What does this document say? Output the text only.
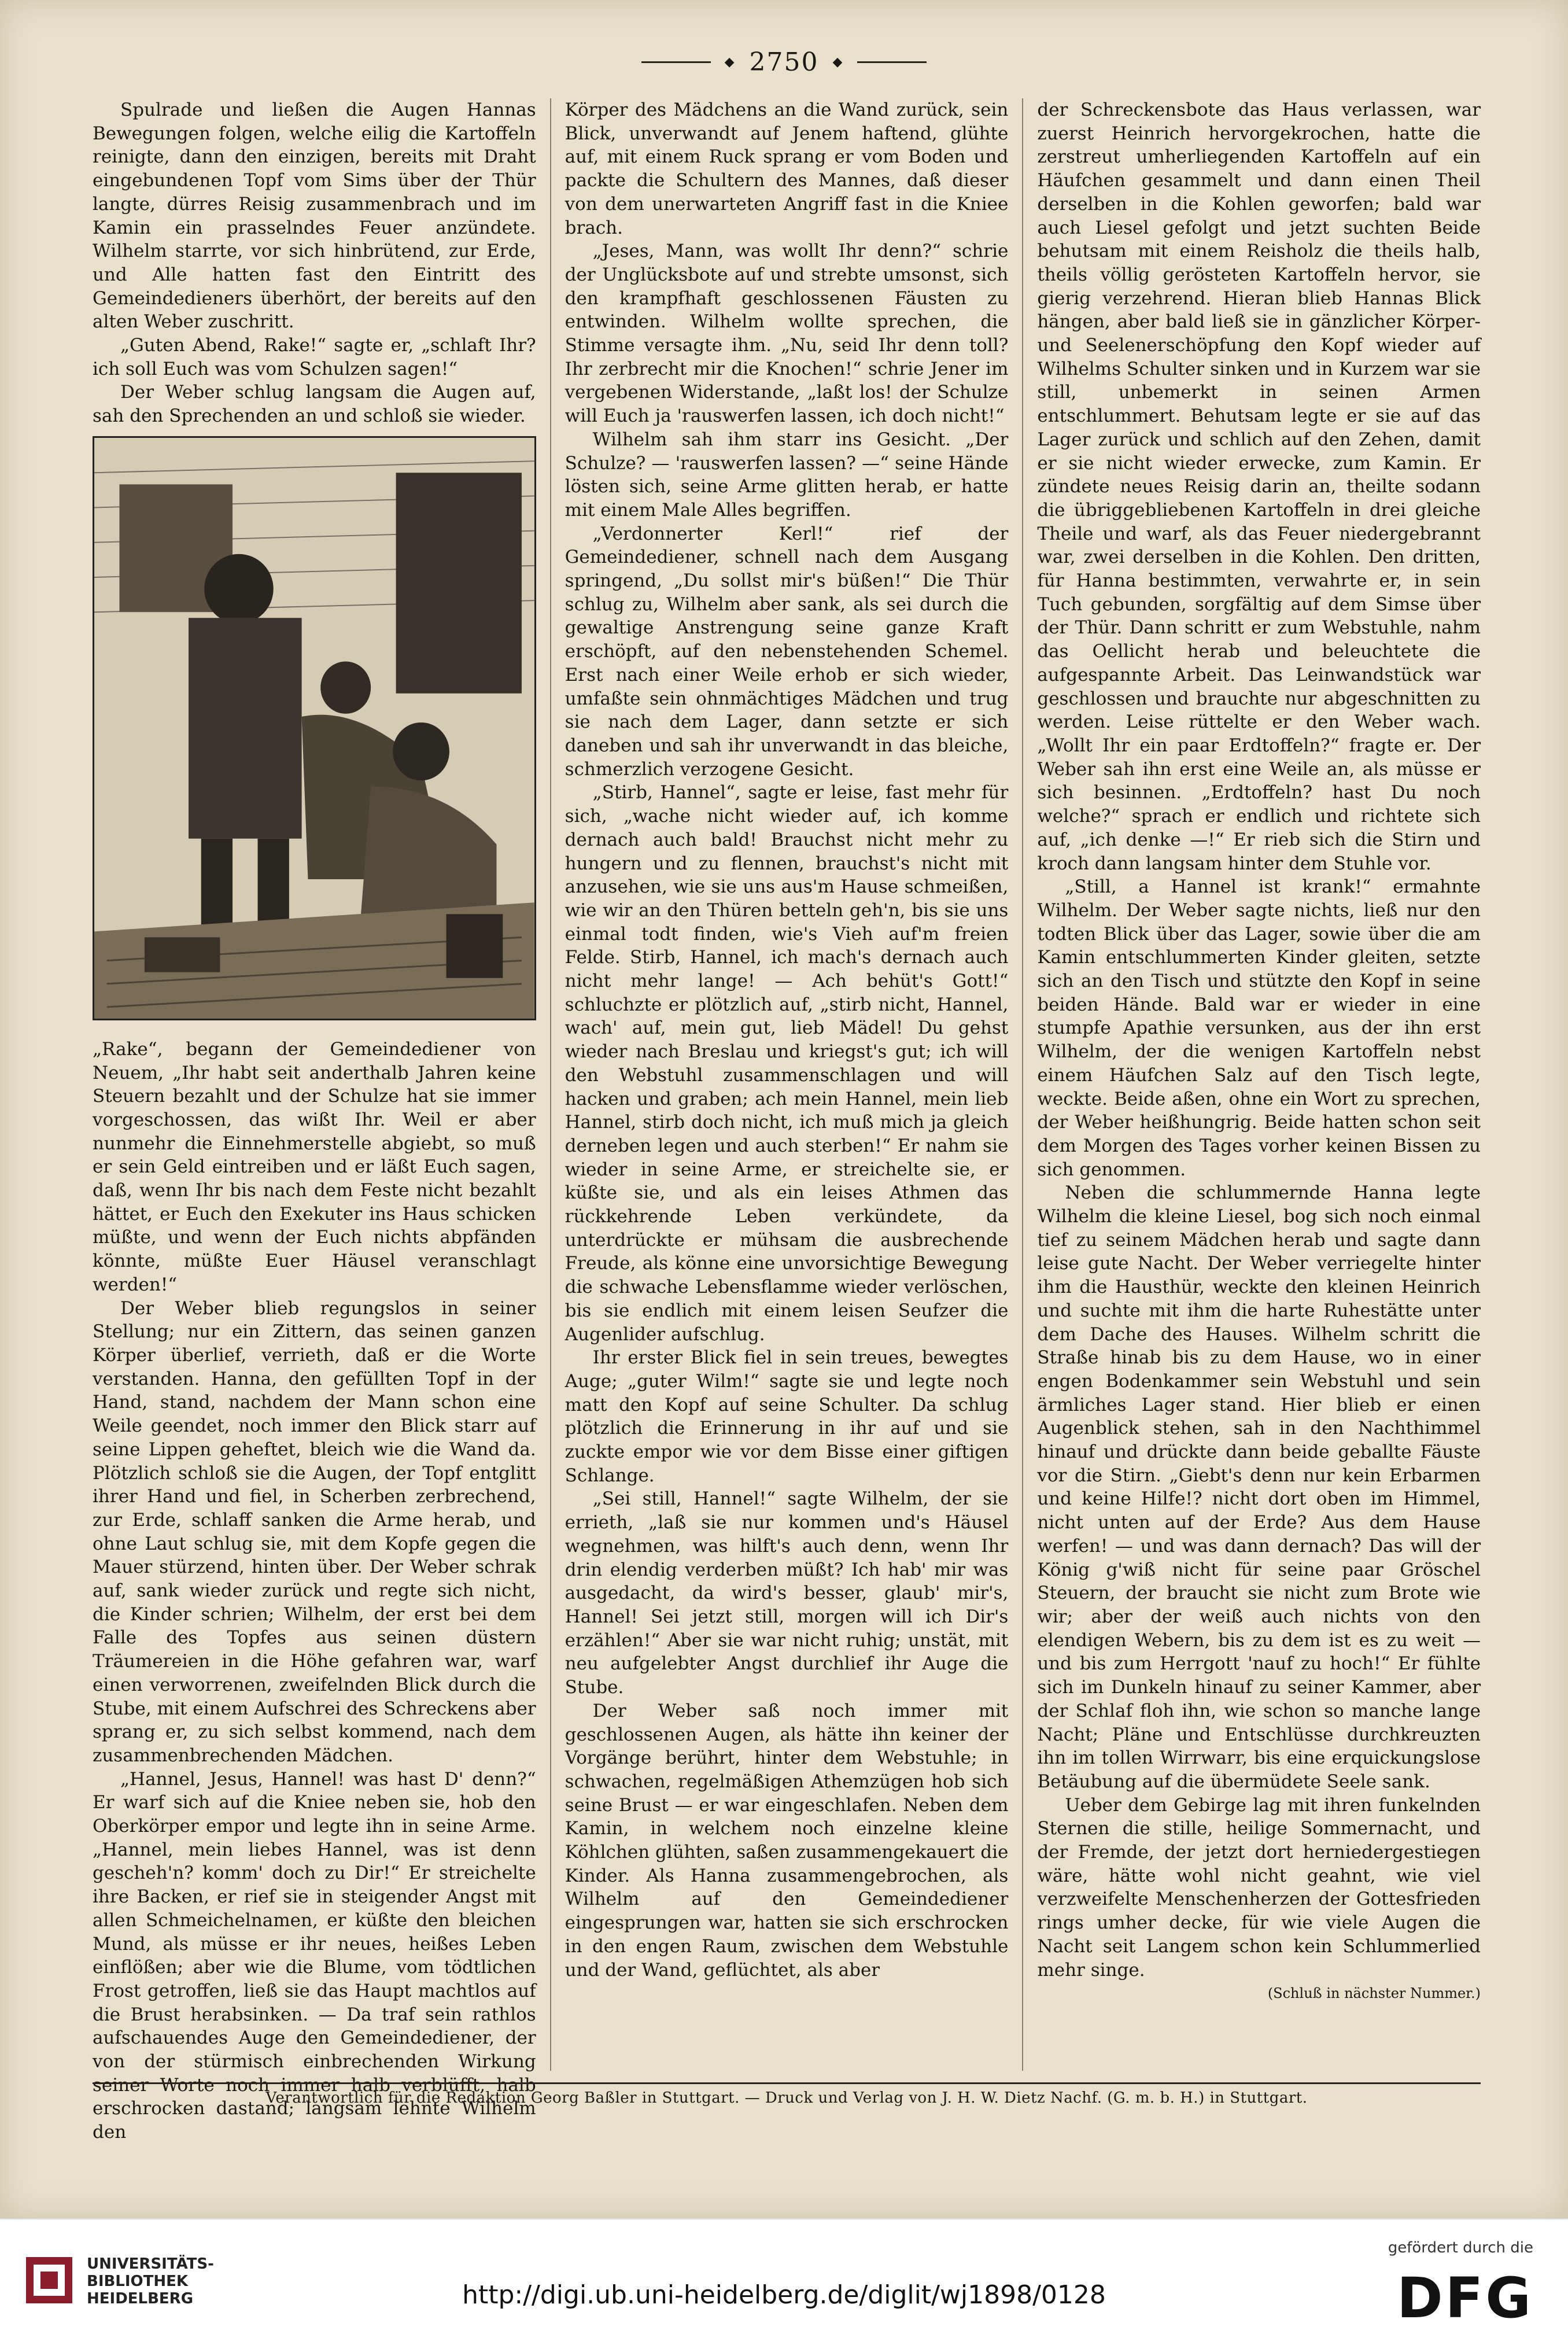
◆ 2750 ◆

Spulrade und ließen die Augen Hannas Bewegungen folgen, welche eilig die Kartoffeln reinigte, dann den einzigen, bereits mit Draht eingebundenen Topf vom Sims über der Thür langte, dürres Reisig zusammenbrach und im Kamin ein prasselndes Feuer anzündete. Wilhelm starrte, vor sich hinbrütend, zur Erde, und Alle hatten fast den Eintritt des Gemeindedieners überhört, der bereits auf den alten Weber zuschritt.

„Guten Abend, Rake!“ sagte er, „schlaft Ihr? ich soll Euch was vom Schulzen sagen!“

Der Weber schlug langsam die Augen auf, sah den Sprechenden an und schloß sie wieder.

„Rake“, begann der Gemeindediener von Neuem, „Ihr habt seit anderthalb Jahren keine Steuern bezahlt und der Schulze hat sie immer vorgeschossen, das wißt Ihr. Weil er aber nunmehr die Einnehmerstelle abgiebt, so muß er sein Geld eintreiben und er läßt Euch sagen, daß, wenn Ihr bis nach dem Feste nicht bezahlt hättet, er Euch den Exekuter ins Haus schicken müßte, und wenn der Euch nichts abpfänden könnte, müßte Euer Häusel veranschlagt werden!“

Der Weber blieb regungslos in seiner Stellung; nur ein Zittern, das seinen ganzen Körper überlief, verrieth, daß er die Worte verstanden. Hanna, den gefüllten Topf in der Hand, stand, nachdem der Mann schon eine Weile geendet, noch immer den Blick starr auf seine Lippen geheftet, bleich wie die Wand da. Plötzlich schloß sie die Augen, der Topf entglitt ihrer Hand und fiel, in Scherben zerbrechend, zur Erde, schlaff sanken die Arme herab, und ohne Laut schlug sie, mit dem Kopfe gegen die Mauer stürzend, hinten über. Der Weber schrak auf, sank wieder zurück und regte sich nicht, die Kinder schrien; Wilhelm, der erst bei dem Falle des Topfes aus seinen düstern Träumereien in die Höhe gefahren war, warf einen verworrenen, zweifelnden Blick durch die Stube, mit einem Aufschrei des Schreckens aber sprang er, zu sich selbst kommend, nach dem zusammenbrechenden Mädchen.

„Hannel, Jesus, Hannel! was hast D' denn?“ Er warf sich auf die Kniee neben sie, hob den Oberkörper empor und legte ihn in seine Arme. „Hannel, mein liebes Hannel, was ist denn gescheh'n? komm' doch zu Dir!“ Er streichelte ihre Backen, er rief sie in steigender Angst mit allen Schmeichelnamen, er küßte den bleichen Mund, als müsse er ihr neues, heißes Leben einflößen; aber wie die Blume, vom tödtlichen Frost getroffen, ließ sie das Haupt machtlos auf die Brust herabsinken. — Da traf sein rathlos aufschauendes Auge den Gemeindediener, der von der stürmisch einbrechenden Wirkung seiner Worte noch immer halb verblüfft, halb erschrocken dastand; langsam lehnte Wilhelm den

Körper des Mädchens an die Wand zurück, sein Blick, unverwandt auf Jenem haftend, glühte auf, mit einem Ruck sprang er vom Boden und packte die Schultern des Mannes, daß dieser von dem unerwarteten Angriff fast in die Kniee brach.

„Jeses, Mann, was wollt Ihr denn?“ schrie der Unglücksbote auf und strebte umsonst, sich den krampfhaft geschlossenen Fäusten zu entwinden. Wilhelm wollte sprechen, die Stimme versagte ihm. „Nu, seid Ihr denn toll? Ihr zerbrecht mir die Knochen!“ schrie Jener im vergebenen Widerstande, „laßt los! der Schulze will Euch ja 'rauswerfen lassen, ich doch nicht!“

Wilhelm sah ihm starr ins Gesicht. „Der Schulze? — 'rauswerfen lassen? —“ seine Hände lösten sich, seine Arme glitten herab, er hatte mit einem Male Alles begriffen.

„Verdonnerter Kerl!“ rief der Gemeindediener, schnell nach dem Ausgang springend, „Du sollst mir's büßen!“ Die Thür schlug zu, Wilhelm aber sank, als sei durch die gewaltige Anstrengung seine ganze Kraft erschöpft, auf den nebenstehenden Schemel. Erst nach einer Weile erhob er sich wieder, umfaßte sein ohnmächtiges Mädchen und trug sie nach dem Lager, dann setzte er sich daneben und sah ihr unverwandt in das bleiche, schmerzlich verzogene Gesicht.

„Stirb, Hannel“, sagte er leise, fast mehr für sich, „wache nicht wieder auf, ich komme dernach auch bald! Brauchst nicht mehr zu hungern und zu flennen, brauchst's nicht mit anzusehen, wie sie uns aus'm Hause schmeißen, wie wir an den Thüren betteln geh'n, bis sie uns einmal todt finden, wie's Vieh auf'm freien Felde. Stirb, Hannel, ich mach's dernach auch nicht mehr lange! — Ach behüt's Gott!“ schluchzte er plötzlich auf, „stirb nicht, Hannel, wach' auf, mein gut, lieb Mädel! Du gehst wieder nach Breslau und kriegst's gut; ich will den Webstuhl zusammenschlagen und will hacken und graben; ach mein Hannel, mein lieb Hannel, stirb doch nicht, ich muß mich ja gleich derneben legen und auch sterben!“ Er nahm sie wieder in seine Arme, er streichelte sie, er küßte sie, und als ein leises Athmen das rückkehrende Leben verkündete, da unterdrückte er mühsam die ausbrechende Freude, als könne eine unvorsichtige Bewegung die schwache Lebensflamme wieder verlöschen, bis sie endlich mit einem leisen Seufzer die Augenlider aufschlug.

Ihr erster Blick fiel in sein treues, bewegtes Auge; „guter Wilm!“ sagte sie und legte noch matt den Kopf auf seine Schulter. Da schlug plötzlich die Erinnerung in ihr auf und sie zuckte empor wie vor dem Bisse einer giftigen Schlange.

„Sei still, Hannel!“ sagte Wilhelm, der sie errieth, „laß sie nur kommen und's Häusel wegnehmen, was hilft's auch denn, wenn Ihr drin elendig verderben müßt? Ich hab' mir was ausgedacht, da wird's besser, glaub' mir's, Hannel! Sei jetzt still, morgen will ich Dir's erzählen!“ Aber sie war nicht ruhig; unstät, mit neu aufgelebter Angst durchlief ihr Auge die Stube.

Der Weber saß noch immer mit geschlossenen Augen, als hätte ihn keiner der Vorgänge berührt, hinter dem Webstuhle; in schwachen, regelmäßigen Athemzügen hob sich seine Brust — er war eingeschlafen. Neben dem Kamin, in welchem noch einzelne kleine Köhlchen glühten, saßen zusammengekauert die Kinder. Als Hanna zusammengebrochen, als Wilhelm auf den Gemeindediener eingesprungen war, hatten sie sich erschrocken in den engen Raum, zwischen dem Webstuhle und der Wand, geflüchtet, als aber

der Schreckensbote das Haus verlassen, war zuerst Heinrich hervorgekrochen, hatte die zerstreut umherliegenden Kartoffeln auf ein Häufchen gesammelt und dann einen Theil derselben in die Kohlen geworfen; bald war auch Liesel gefolgt und jetzt suchten Beide behutsam mit einem Reisholz die theils halb, theils völlig gerösteten Kartoffeln hervor, sie gierig verzehrend. Hieran blieb Hannas Blick hängen, aber bald ließ sie in gänzlicher Körper- und Seelenerschöpfung den Kopf wieder auf Wilhelms Schulter sinken und in Kurzem war sie still, unbemerkt in seinen Armen entschlummert. Behutsam legte er sie auf das Lager zurück und schlich auf den Zehen, damit er sie nicht wieder erwecke, zum Kamin. Er zündete neues Reisig darin an, theilte sodann die übriggebliebenen Kartoffeln in drei gleiche Theile und warf, als das Feuer niedergebrannt war, zwei derselben in die Kohlen. Den dritten, für Hanna bestimmten, verwahrte er, in sein Tuch gebunden, sorgfältig auf dem Simse über der Thür. Dann schritt er zum Webstuhle, nahm das Oellicht herab und beleuchtete die aufgespannte Arbeit. Das Leinwandstück war geschlossen und brauchte nur abgeschnitten zu werden. Leise rüttelte er den Weber wach. „Wollt Ihr ein paar Erdtoffeln?“ fragte er. Der Weber sah ihn erst eine Weile an, als müsse er sich besinnen. „Erdtoffeln? hast Du noch welche?“ sprach er endlich und richtete sich auf, „ich denke —!“ Er rieb sich die Stirn und kroch dann langsam hinter dem Stuhle vor.

„Still, a Hannel ist krank!“ ermahnte Wilhelm. Der Weber sagte nichts, ließ nur den todten Blick über das Lager, sowie über die am Kamin entschlummerten Kinder gleiten, setzte sich an den Tisch und stützte den Kopf in seine beiden Hände. Bald war er wieder in eine stumpfe Apathie versunken, aus der ihn erst Wilhelm, der die wenigen Kartoffeln nebst einem Häufchen Salz auf den Tisch legte, weckte. Beide aßen, ohne ein Wort zu sprechen, der Weber heißhungrig. Beide hatten schon seit dem Morgen des Tages vorher keinen Bissen zu sich genommen.

Neben die schlummernde Hanna legte Wilhelm die kleine Liesel, bog sich noch einmal tief zu seinem Mädchen herab und sagte dann leise gute Nacht. Der Weber verriegelte hinter ihm die Hausthür, weckte den kleinen Heinrich und suchte mit ihm die harte Ruhestätte unter dem Dache des Hauses. Wilhelm schritt die Straße hinab bis zu dem Hause, wo in einer engen Bodenkammer sein Webstuhl und sein ärmliches Lager stand. Hier blieb er einen Augenblick stehen, sah in den Nachthimmel hinauf und drückte dann beide geballte Fäuste vor die Stirn. „Giebt's denn nur kein Erbarmen und keine Hilfe!? nicht dort oben im Himmel, nicht unten auf der Erde? Aus dem Hause werfen! — und was dann dernach? Das will der König g'wiß nicht für seine paar Gröschel Steuern, der braucht sie nicht zum Brote wie wir; aber der weiß auch nichts von den elendigen Webern, bis zu dem ist es zu weit — und bis zum Herrgott 'nauf zu hoch!“ Er fühlte sich im Dunkeln hinauf zu seiner Kammer, aber der Schlaf floh ihn, wie schon so manche lange Nacht; Pläne und Entschlüsse durchkreuzten ihn im tollen Wirrwarr, bis eine erquickungslose Betäubung auf die übermüdete Seele sank.

Ueber dem Gebirge lag mit ihren funkelnden Sternen die stille, heilige Sommernacht, und der Fremde, der jetzt dort herniedergestiegen wäre, hätte wohl nicht geahnt, wie viel verzweifelte Menschenherzen der Gottesfrieden rings umher decke, für wie viele Augen die Nacht seit Langem schon kein Schlummerlied mehr singe.

(Schluß in nächster Nummer.)

Verantwortlich für die Redaktion Georg Baßler in Stuttgart. — Druck und Verlag von J. H. W. Dietz Nachf. (G. m. b. H.) in Stuttgart.
UNIVERSITÄTS-
BIBLIOTHEK
HEIDELBERG	http://digi.ub.uni-heidelberg.de/diglit/wj1898/0128
gefördert durch die
DFG
